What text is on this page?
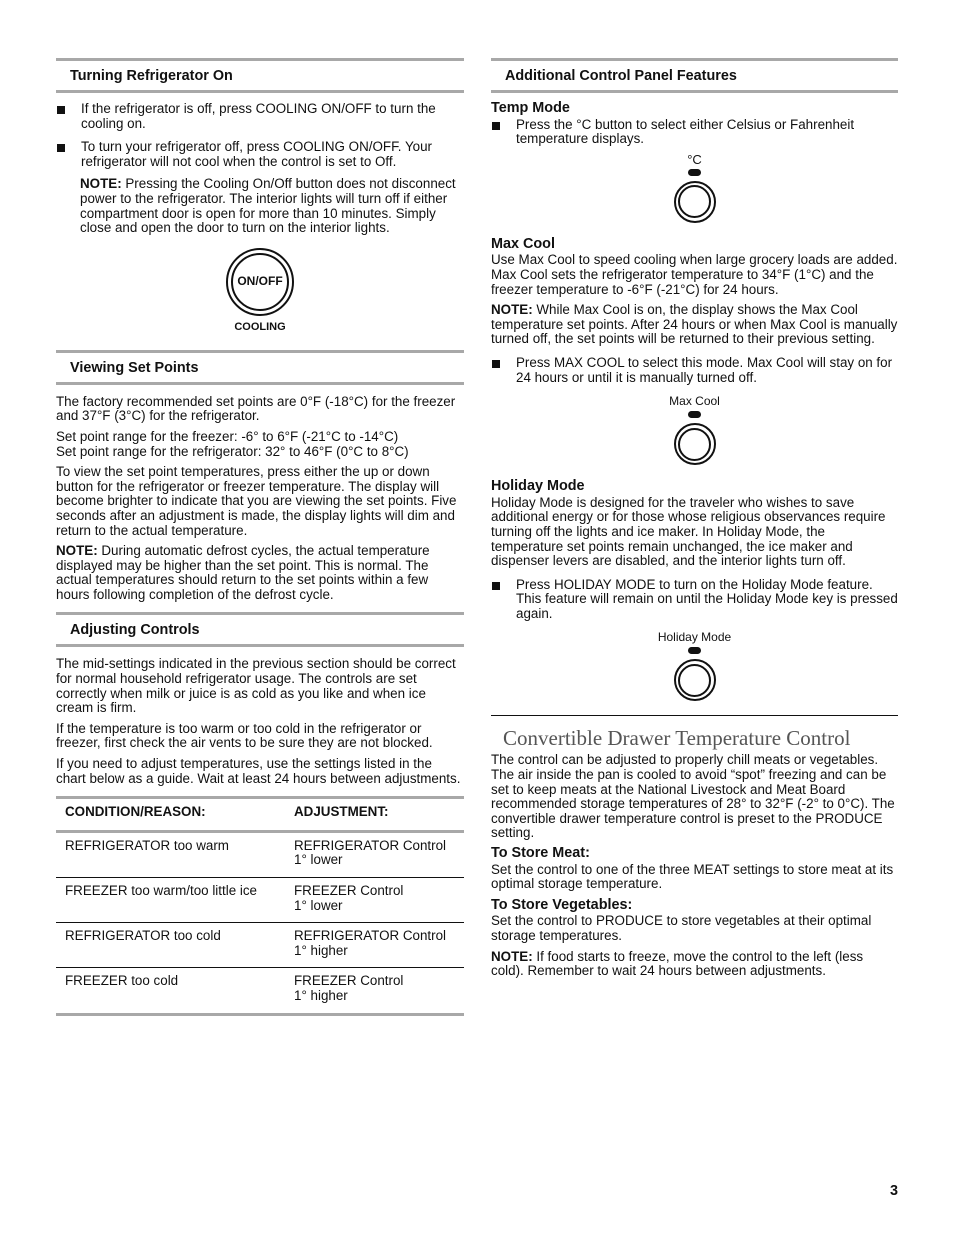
Turning Refrigerator On
If the refrigerator is off, press COOLING ON/OFF to turn the cooling on.
To turn your refrigerator off, press COOLING ON/OFF. Your refrigerator will not cool when the control is set to Off.
NOTE: Pressing the Cooling On/Off button does not disconnect power to the refrigerator. The interior lights will turn off if either compartment door is open for more than 10 minutes. Simply close and open the door to turn on the interior lights.
ON/OFF
COOLING
Viewing Set Points

The factory recommended set points are 0°F (-18°C) for the freezer and 37°F (3°C) for the refrigerator.

Set point range for the freezer: -6° to 6°F (-21°C to -14°C)
Set point range for the refrigerator: 32° to 46°F (0°C to 8°C)

To view the set point temperatures, press either the up or down button for the refrigerator or freezer temperature. The display will become brighter to indicate that you are viewing the set points. Five seconds after an adjustment is made, the display lights will dim and return to the actual temperature.

NOTE: During automatic defrost cycles, the actual temperature displayed may be higher than the set point. This is normal. The actual temperatures should return to the set points within a few hours following completion of the defrost cycle.

Adjusting Controls

The mid-settings indicated in the previous section should be correct for normal household refrigerator usage. The controls are set correctly when milk or juice is as cold as you like and when ice cream is firm.

If the temperature is too warm or too cold in the refrigerator or freezer, first check the air vents to be sure they are not blocked.

If you need to adjust temperatures, use the settings listed in the chart below as a guide. Wait at least 24 hours between adjustments.

CONDITION/REASON:	ADJUSTMENT:
REFRIGERATOR too warm	REFRIGERATOR Control
1° lower
FREEZER too warm/too little ice	FREEZER Control
1° lower
REFRIGERATOR too cold	REFRIGERATOR Control
1° higher
FREEZER too cold	FREEZER Control
1° higher
Additional Control Panel Features
Temp Mode
Press the °C button to select either Celsius or Fahrenheit temperature displays.
°C
Max Cool

Use Max Cool to speed cooling when large grocery loads are added. Max Cool sets the refrigerator temperature to 34°F (1°C) and the freezer temperature to -6°F (-21°C) for 24 hours.

NOTE: While Max Cool is on, the display shows the Max Cool temperature set points. After 24 hours or when Max Cool is manually turned off, the set points will be returned to their previous setting.

Press MAX COOL to select this mode. Max Cool will stay on for 24 hours or until it is manually turned off.
Max Cool
Holiday Mode

Holiday Mode is designed for the traveler who wishes to save additional energy or for those whose religious observances require turning off the lights and ice maker. In Holiday Mode, the temperature set points remain unchanged, the ice maker and dispenser levers are disabled, and the interior lights turn off.

Press HOLIDAY MODE to turn on the Holiday Mode feature. This feature will remain on until the Holiday Mode key is pressed again.
Holiday Mode
Convertible Drawer Temperature Control

The control can be adjusted to properly chill meats or vegetables. The air inside the pan is cooled to avoid “spot” freezing and can be set to keep meats at the National Livestock and Meat Board recommended storage temperatures of 28° to 32°F (-2° to 0°C). The convertible drawer temperature control is preset to the PRODUCE setting.

To Store Meat:

Set the control to one of the three MEAT settings to store meat at its optimal storage temperature.

To Store Vegetables:

Set the control to PRODUCE to store vegetables at their optimal storage temperatures.

NOTE: If food starts to freeze, move the control to the left (less cold). Remember to wait 24 hours between adjustments.

3
